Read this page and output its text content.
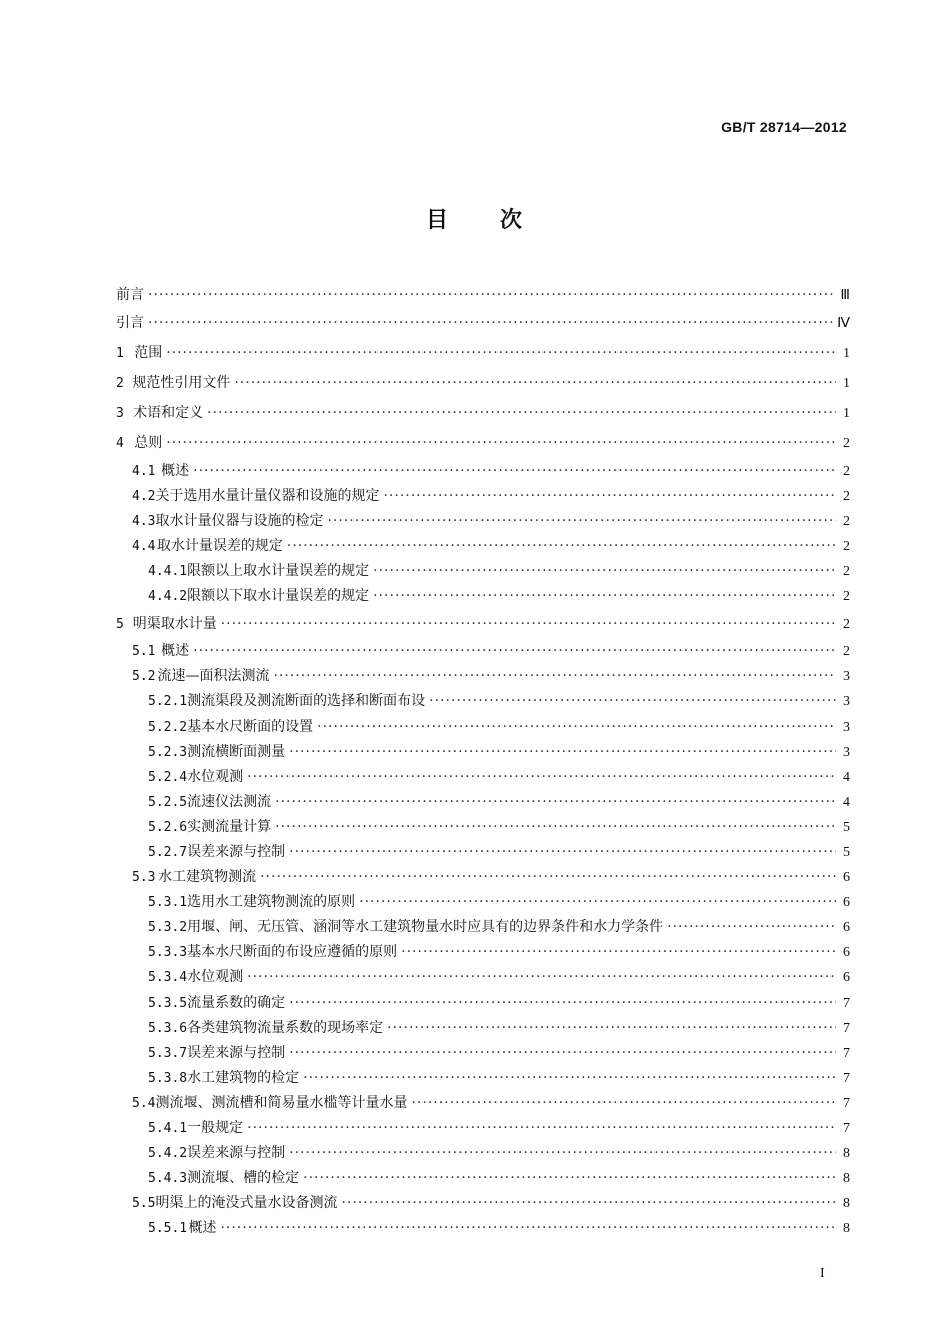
GB/T 28714—2012
目 次
前言 ·····	Ⅲ
引言 ·····	Ⅳ
1 范围 ·····	1
2 规范性引用文件 ·····	1
3 术语和定义 ·····	1
4 总则 ·····	2
4.1 概述 ·····	2
4.2 关于选用水量计量仪器和设施的规定 ·····	2
4.3 取水计量仪器与设施的检定 ·····	2
4.4 取水计量误差的规定 ·····	2
4.4.1 限额以上取水计量误差的规定 ·····	2
4.4.2 限额以下取水计量误差的规定 ·····	2
5 明渠取水计量 ·····	2
5.1 概述 ·····	2
5.2 流速—面积法测流 ·····	3
5.2.1 测流渠段及测流断面的选择和断面布设 ·····	3
5.2.2 基本水尺断面的设置 ·····	3
5.2.3 测流横断面测量 ·····	3
5.2.4 水位观测 ·····	4
5.2.5 流速仪法测流 ·····	4
5.2.6 实测流量计算 ·····	5
5.2.7 误差来源与控制 ·····	5
5.3 水工建筑物测流 ·····	6
5.3.1 选用水工建筑物测流的原则 ·····	6
5.3.2 用堰、闸、无压管、涵洞等水工建筑物量水时应具有的边界条件和水力学条件 ·····	6
5.3.3 基本水尺断面的布设应遵循的原则 ·····	6
5.3.4 水位观测 ·····	6
5.3.5 流量系数的确定 ·····	7
5.3.6 各类建筑物流量系数的现场率定 ·····	7
5.3.7 误差来源与控制 ·····	7
5.3.8 水工建筑物的检定 ·····	7
5.4 测流堰、测流槽和简易量水槛等计量水量 ·····	7
5.4.1 一般规定 ·····	7
5.4.2 误差来源与控制 ·····	8
5.4.3 测流堰、槽的检定 ·····	8
5.5 明渠上的淹没式量水设备测流 ·····	8
5.5.1 概述 ·····	8
I
